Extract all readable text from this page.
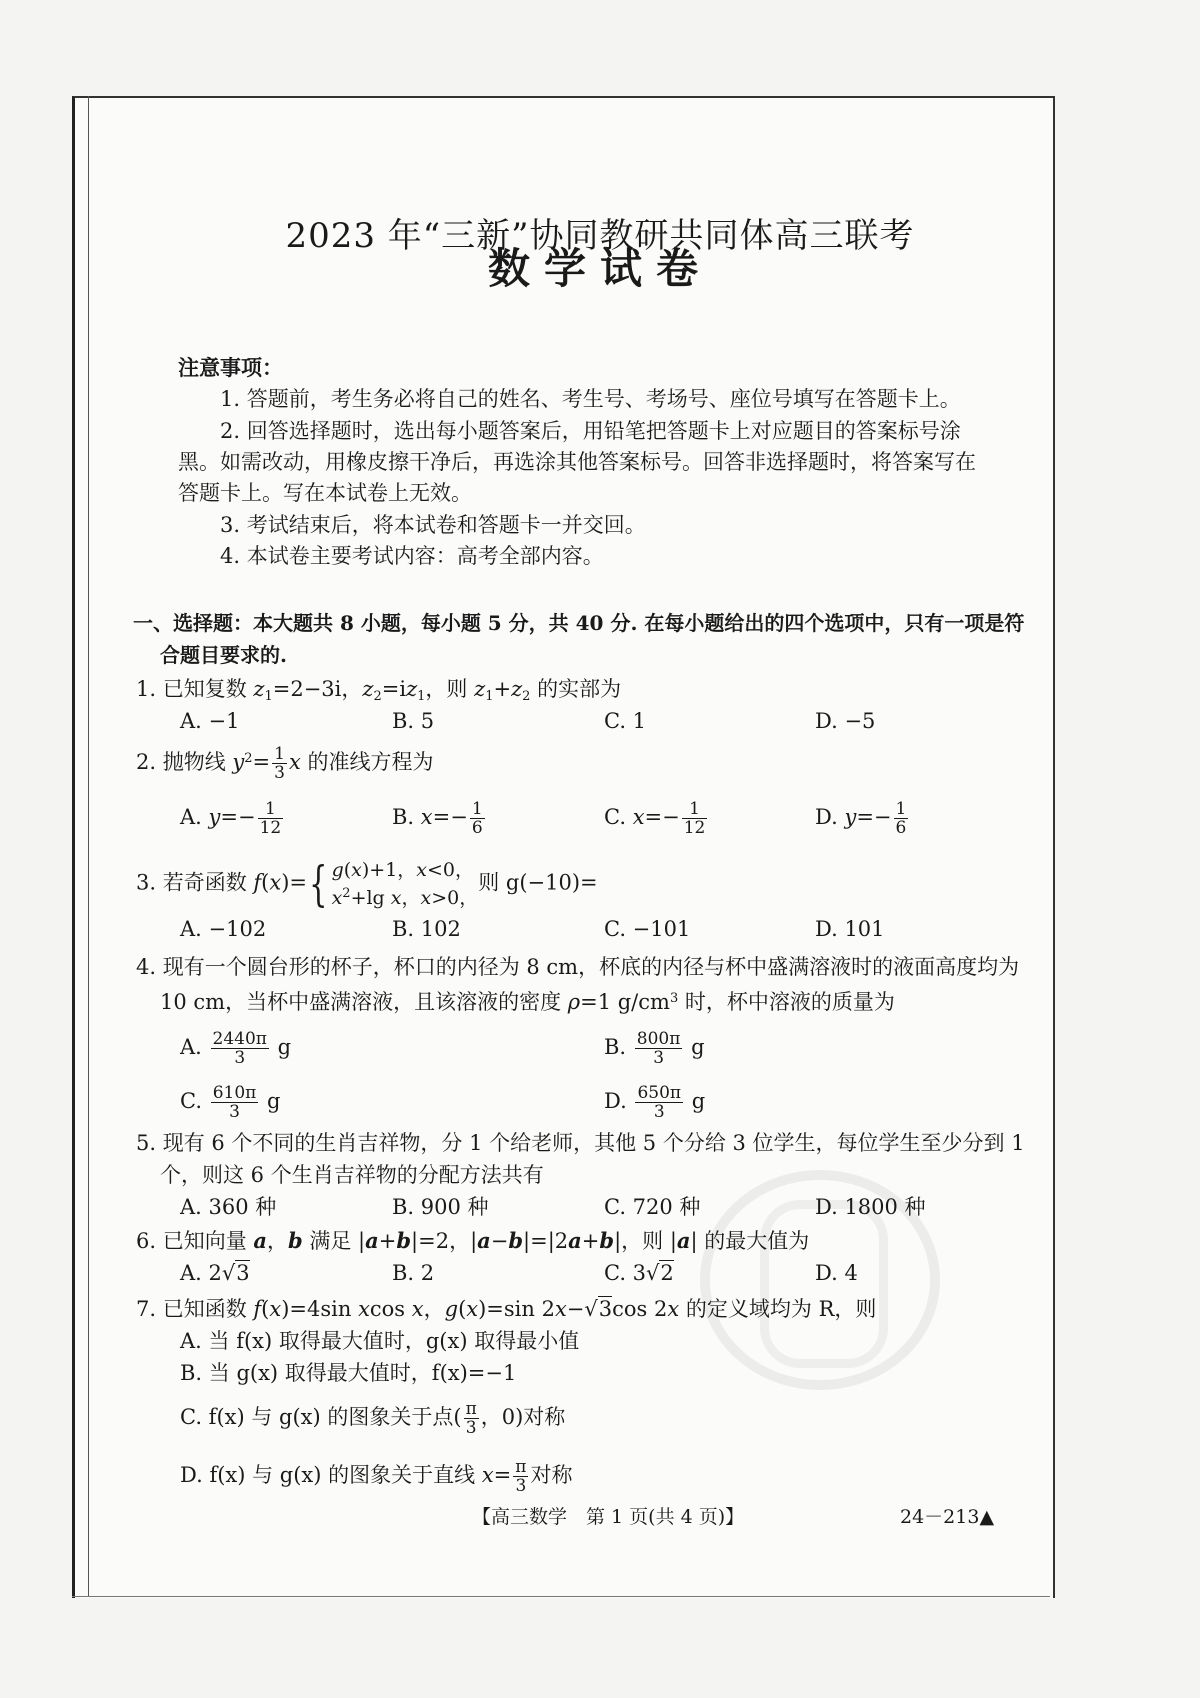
2023 年“三新”协同教研共同体高三联考
数学试卷
注意事项：
1. 答题前，考生务必将自己的姓名、考生号、考场号、座位号填写在答题卡上。
2. 回答选择题时，选出每小题答案后，用铅笔把答题卡上对应题目的答案标号涂
黑。如需改动，用橡皮擦干净后，再选涂其他答案标号。回答非选择题时，将答案写在
答题卡上。写在本试卷上无效。
3. 考试结束后，将本试卷和答题卡一并交回。
4. 本试卷主要考试内容：高考全部内容。
一、选择题：本大题共 8 小题，每小题 5 分，共 40 分. 在每小题给出的四个选项中，只有一项是符
合题目要求的.
1. 已知复数 $z_1=2-3i$，$z_2=iz_1$，则 $z_1+z_2$ 的实部为
A. −1	B. 5	C. 1	D. −5
2. 抛物线 $y^2= \frac{1}{3}$ x 的准线方程为
A. $y=- \frac{1}{12}$	B. $x=- \frac{1}{6}$	C. $x=- \frac{1}{12}$	D. $y=- \frac{1}{6}$
3. 若奇函数 f(x)={ g(x)+1，x<0，
$x^2+\lg$ x，x>0，
则 g(−10)=
A. −102	B. 102	C. −101	D. 101
4. 现有一个圆台形的杯子，杯口的内径为 8 cm，杯底的内径与杯中盛满溶液时的液面高度均为
10 cm，当杯中盛满溶液，且该溶液的密度 ρ=1 $g/cm^3$ 时，杯中溶液的质量为
A. $\frac{2440\pi}{3}$ g	B. $\frac{800\pi}{3}$ g
C. $\frac{610\pi}{3}$ g	D. $\frac{650\pi}{3}$ g
5. 现有 6 个不同的生肖吉祥物，分 1 个给老师，其他 5 个分给 3 位学生，每位学生至少分到 1
个，则这 6 个生肖吉祥物的分配方法共有
A. 360 种	B. 900 种	C. 720 种	D. 1800 种
6. 已知向量 a，b 满足 |a+b|=2，|a−b|=|2a+b|，则 |a| 的最大值为
A. 2√3	B. 2	C. 3√2	D. 4
7. 已知函数 f(x)=4sin xcos x，g(x)=sin 2x−√3cos 2x 的定义域均为 R，则
A. 当 f(x) 取得最大值时，g(x) 取得最小值
B. 当 g(x) 取得最大值时，f(x)=−1
C. f(x) 与 g(x) 的图象关于点( $\frac{\pi}{3}$ ，0)对称
D. f(x) 与 g(x) 的图象关于直线 $x= \frac{\pi}{3}$ 对称
【高三数学　第 1 页(共 4 页)】	24－213▲
